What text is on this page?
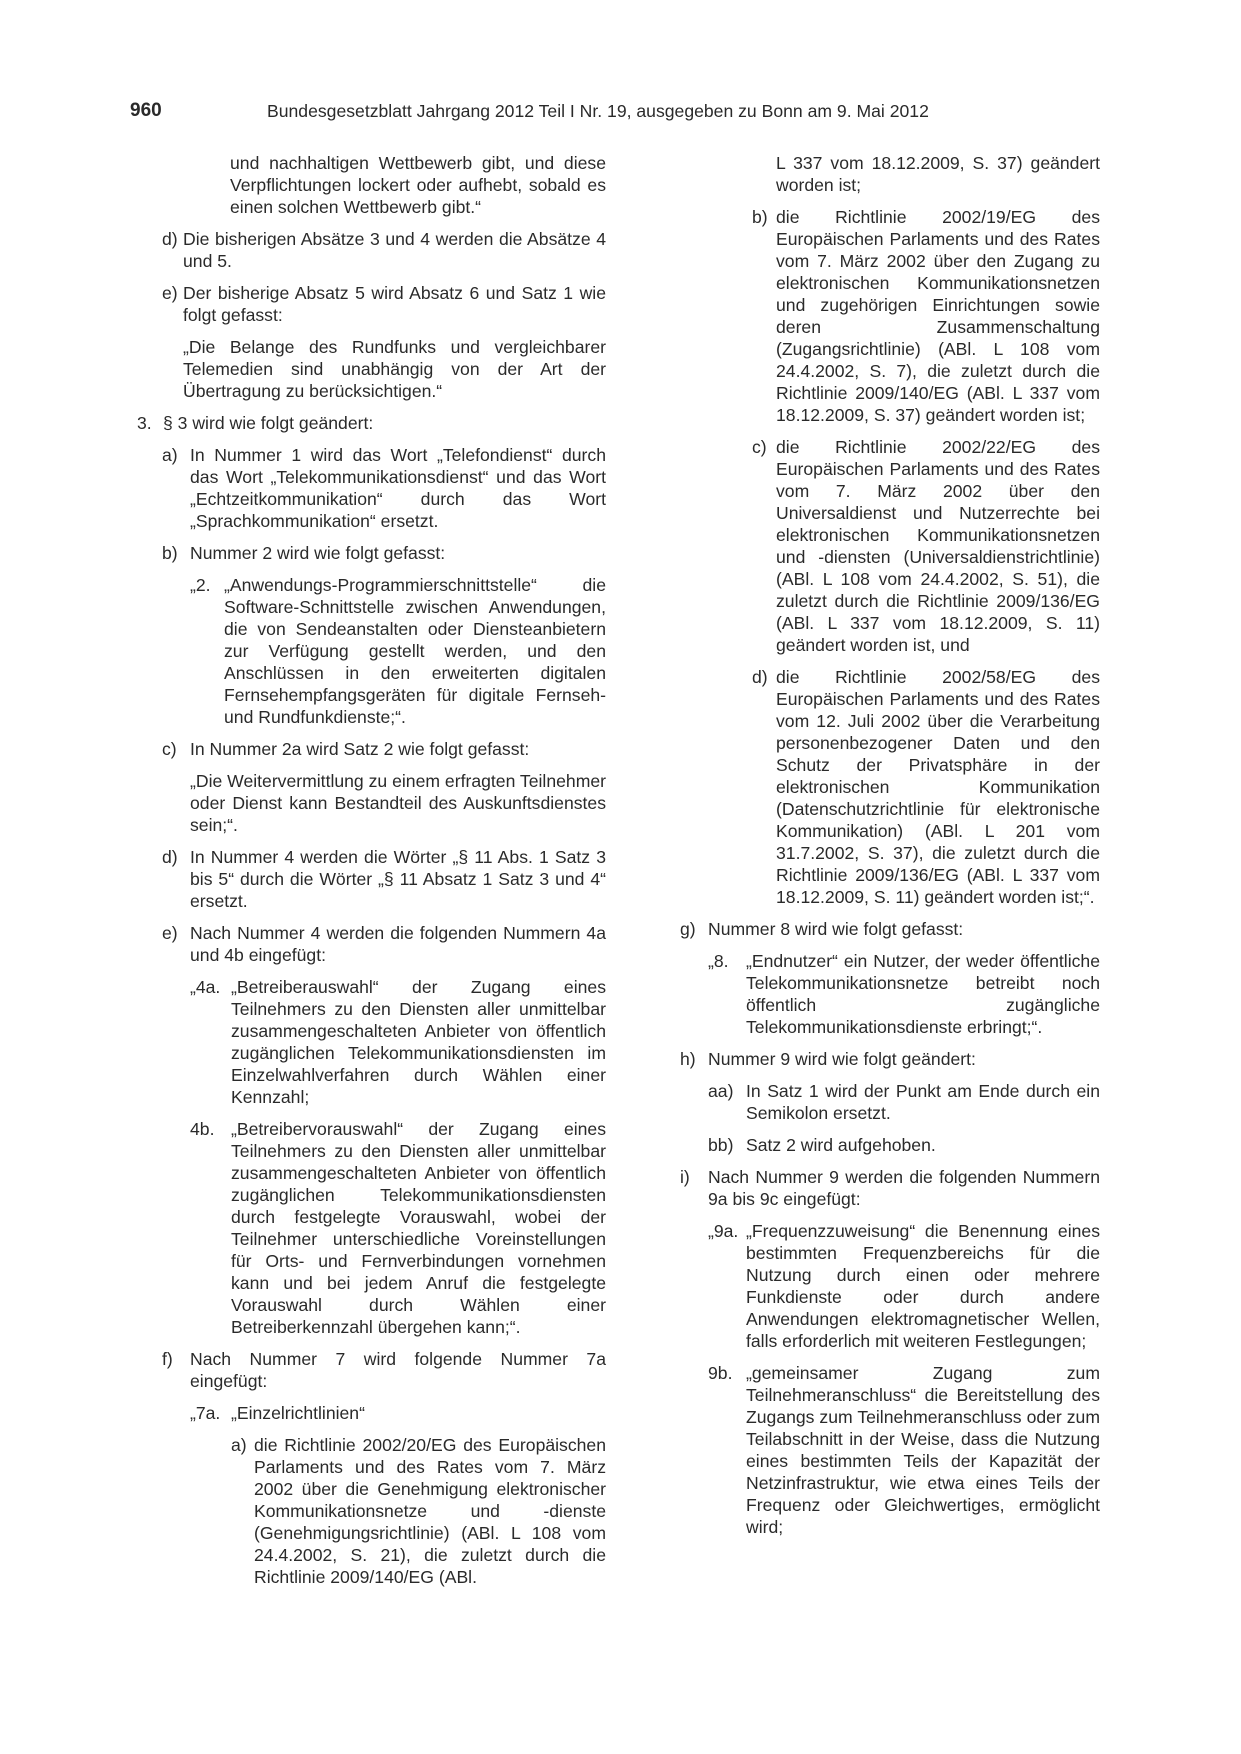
960	Bundesgesetzblatt Jahrgang 2012 Teil I Nr. 19, ausgegeben zu Bonn am 9. Mai 2012
und nachhaltigen Wettbewerb gibt, und diese Verpflichtungen lockert oder aufhebt, sobald es einen solchen Wettbewerb gibt.“
d) Die bisherigen Absätze 3 und 4 werden die Absätze 4 und 5.
e) Der bisherige Absatz 5 wird Absatz 6 und Satz 1 wie folgt gefasst:
„Die Belange des Rundfunks und vergleichbarer Telemedien sind unabhängig von der Art der Übertragung zu berücksichtigen.“
3. § 3 wird wie folgt geändert:
a) In Nummer 1 wird das Wort „Telefondienst“ durch das Wort „Telekommunikationsdienst“ und das Wort „Echtzeitkommunikation“ durch das Wort „Sprachkommunikation“ ersetzt.
b) Nummer 2 wird wie folgt gefasst:
„2. „Anwendungs-Programmierschnittstelle“ die Software-Schnittstelle zwischen Anwendungen, die von Sendeanstalten oder Diensteanbietern zur Verfügung gestellt werden, und den Anschlüssen in den erweiterten digitalen Fernsehempfangsgeräten für digitale Fernseh- und Rundfunkdienste;“.
c) In Nummer 2a wird Satz 2 wie folgt gefasst:
„Die Weitervermittlung zu einem erfragten Teilnehmer oder Dienst kann Bestandteil des Auskunftsdienstes sein;“.
d) In Nummer 4 werden die Wörter „§ 11 Abs. 1 Satz 3 bis 5“ durch die Wörter „§ 11 Absatz 1 Satz 3 und 4“ ersetzt.
e) Nach Nummer 4 werden die folgenden Nummern 4a und 4b eingefügt:
„4a. „Betreiberauswahl“ der Zugang eines Teilnehmers zu den Diensten aller unmittelbar zusammengeschalteten Anbieter von öffentlich zugänglichen Telekommunikationsdiensten im Einzelwahlverfahren durch Wählen einer Kennzahl;
4b. „Betreibervorauswahl“ der Zugang eines Teilnehmers zu den Diensten aller unmittelbar zusammengeschalteten Anbieter von öffentlich zugänglichen Telekommunikationsdiensten durch festgelegte Vorauswahl, wobei der Teilnehmer unterschiedliche Voreinstellungen für Orts- und Fernverbindungen vornehmen kann und bei jedem Anruf die festgelegte Vorauswahl durch Wählen einer Betreiberkennzahl übergehen kann;“.
f) Nach Nummer 7 wird folgende Nummer 7a eingefügt:
„7a. „Einzelrichtlinien“
a) die Richtlinie 2002/20/EG des Europäischen Parlaments und des Rates vom 7. März 2002 über die Genehmigung elektronischer Kommunikationsnetze und -dienste (Genehmigungsrichtlinie) (ABl. L 108 vom 24.4.2002, S. 21), die zuletzt durch die Richtlinie 2009/140/EG (ABl.
L 337 vom 18.12.2009, S. 37) geändert worden ist;
b) die Richtlinie 2002/19/EG des Europäischen Parlaments und des Rates vom 7. März 2002 über den Zugang zu elektronischen Kommunikationsnetzen und zugehörigen Einrichtungen sowie deren Zusammenschaltung (Zugangsrichtlinie) (ABl. L 108 vom 24.4.2002, S. 7), die zuletzt durch die Richtlinie 2009/140/EG (ABl. L 337 vom 18.12.2009, S. 37) geändert worden ist;
c) die Richtlinie 2002/22/EG des Europäischen Parlaments und des Rates vom 7. März 2002 über den Universaldienst und Nutzerrechte bei elektronischen Kommunikationsnetzen und -diensten (Universaldienstrichtlinie) (ABl. L 108 vom 24.4.2002, S. 51), die zuletzt durch die Richtlinie 2009/136/EG (ABl. L 337 vom 18.12.2009, S. 11) geändert worden ist, und
d) die Richtlinie 2002/58/EG des Europäischen Parlaments und des Rates vom 12. Juli 2002 über die Verarbeitung personenbezogener Daten und den Schutz der Privatsphäre in der elektronischen Kommunikation (Datenschutzrichtlinie für elektronische Kommunikation) (ABl. L 201 vom 31.7.2002, S. 37), die zuletzt durch die Richtlinie 2009/136/EG (ABl. L 337 vom 18.12.2009, S. 11) geändert worden ist;“.
g) Nummer 8 wird wie folgt gefasst:
„8. „Endnutzer“ ein Nutzer, der weder öffentliche Telekommunikationsnetze betreibt noch öffentlich zugängliche Telekommunikationsdienste erbringt;“.
h) Nummer 9 wird wie folgt geändert:
aa) In Satz 1 wird der Punkt am Ende durch ein Semikolon ersetzt.
bb) Satz 2 wird aufgehoben.
i) Nach Nummer 9 werden die folgenden Nummern 9a bis 9c eingefügt:
„9a. „Frequenzzuweisung“ die Benennung eines bestimmten Frequenzbereichs für die Nutzung durch einen oder mehrere Funkdienste oder durch andere Anwendungen elektromagnetischer Wellen, falls erforderlich mit weiteren Festlegungen;
9b. „gemeinsamer Zugang zum Teilnehmeranschluss“ die Bereitstellung des Zugangs zum Teilnehmeranschluss oder zum Teilabschnitt in der Weise, dass die Nutzung eines bestimmten Teils der Kapazität der Netzinfrastruktur, wie etwa eines Teils der Frequenz oder Gleichwertiges, ermöglicht wird;
